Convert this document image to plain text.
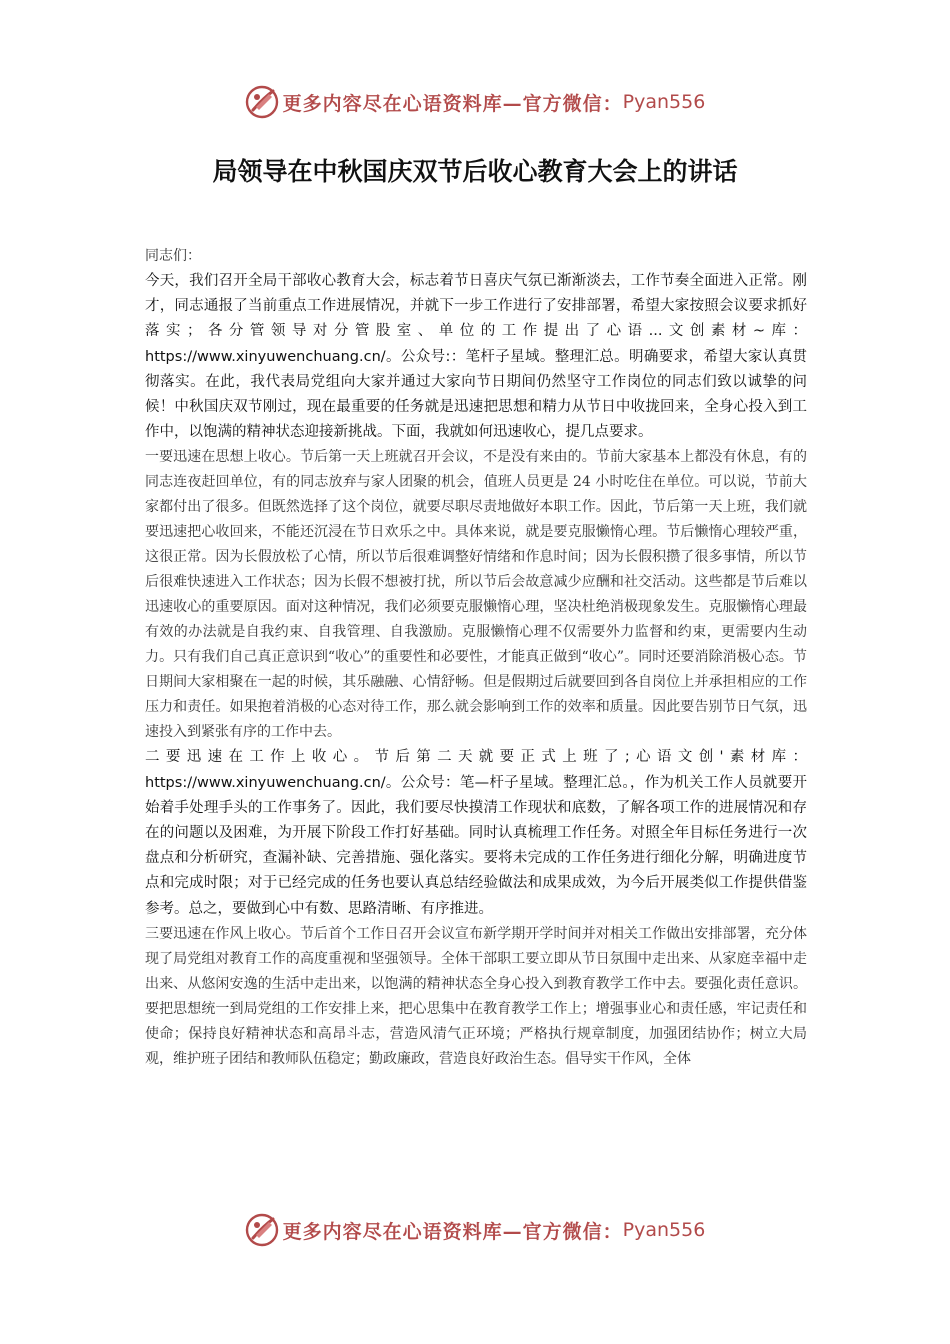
更多内容尽在心语资料库—官方微信： Pyan556
局领导在中秋国庆双节后收心教育大会上的讲话

同志们：

今天，我们召开全局干部收心教育大会，标志着节日喜庆气氛已渐渐淡去，工作节奏全面进入正常。刚才，同志通报了当前重点工作进展情况，并就下一步工作进行了安排部署，希望大家按照会议要求抓好落实；各分管领导对分管股室、单位的工作提出了心语...文创素材~库：https://www.xinyuwenchuang.cn/。公众号:：笔杆子星域。整理汇总。明确要求，希望大家认真贯彻落实。在此，我代表局党组向大家并通过大家向节日期间仍然坚守工作岗位的同志们致以诚挚的问候！中秋国庆双节刚过，现在最重要的任务就是迅速把思想和精力从节日中收拢回来，全身心投入到工作中，以饱满的精神状态迎接新挑战。下面，我就如何迅速收心，提几点要求。

一要迅速在思想上收心。节后第一天上班就召开会议，不是没有来由的。节前大家基本上都没有休息，有的同志连夜赶回单位，有的同志放弃与家人团聚的机会，值班人员更是 24 小时吃住在单位。可以说，节前大家都付出了很多。但既然选择了这个岗位，就要尽职尽责地做好本职工作。因此，节后第一天上班，我们就要迅速把心收回来，不能还沉浸在节日欢乐之中。具体来说，就是要克服懒惰心理。节后懒惰心理较严重，这很正常。因为长假放松了心情，所以节后很难调整好情绪和作息时间；因为长假积攒了很多事情，所以节后很难快速进入工作状态；因为长假不想被打扰，所以节后会故意减少应酬和社交活动。这些都是节后难以迅速收心的重要原因。面对这种情况，我们必须要克服懒惰心理，坚决杜绝消极现象发生。克服懒惰心理最有效的办法就是自我约束、自我管理、自我激励。克服懒惰心理不仅需要外力监督和约束，更需要内生动力。只有我们自己真正意识到“收心”的重要性和必要性，才能真正做到“收心”。同时还要消除消极心态。节日期间大家相聚在一起的时候，其乐融融、心情舒畅。但是假期过后就要回到各自岗位上并承担相应的工作压力和责任。如果抱着消极的心态对待工作，那么就会影响到工作的效率和质量。因此要告别节日气氛，迅速投入到紧张有序的工作中去。

二要迅速在工作上收心。节后第二天就要正式上班了;心语文创'素材库：https://www.xinyuwenchuang.cn/。公众号：笔—杆子星域。整理汇总。，作为机关工作人员就要开始着手处理手头的工作事务了。因此，我们要尽快摸清工作现状和底数，了解各项工作的进展情况和存在的问题以及困难，为开展下阶段工作打好基础。同时认真梳理工作任务。对照全年目标任务进行一次盘点和分析研究，查漏补缺、完善措施、强化落实。要将未完成的工作任务进行细化分解，明确进度节点和完成时限；对于已经完成的任务也要认真总结经验做法和成果成效，为今后开展类似工作提供借鉴参考。总之，要做到心中有数、思路清晰、有序推进。

三要迅速在作风上收心。节后首个工作日召开会议宣布新学期开学时间并对相关工作做出安排部署，充分体现了局党组对教育工作的高度重视和坚强领导。全体干部职工要立即从节日氛围中走出来、从家庭幸福中走出来、从悠闲安逸的生活中走出来，以饱满的精神状态全身心投入到教育教学工作中去。要强化责任意识。要把思想统一到局党组的工作安排上来，把心思集中在教育教学工作上；增强事业心和责任感，牢记责任和使命；保持良好精神状态和高昂斗志，营造风清气正环境；严格执行规章制度，加强团结协作；树立大局观，维护班子团结和教师队伍稳定；勤政廉政，营造良好政治生态。倡导实干作风，全体

更多内容尽在心语资料库—官方微信： Pyan556
